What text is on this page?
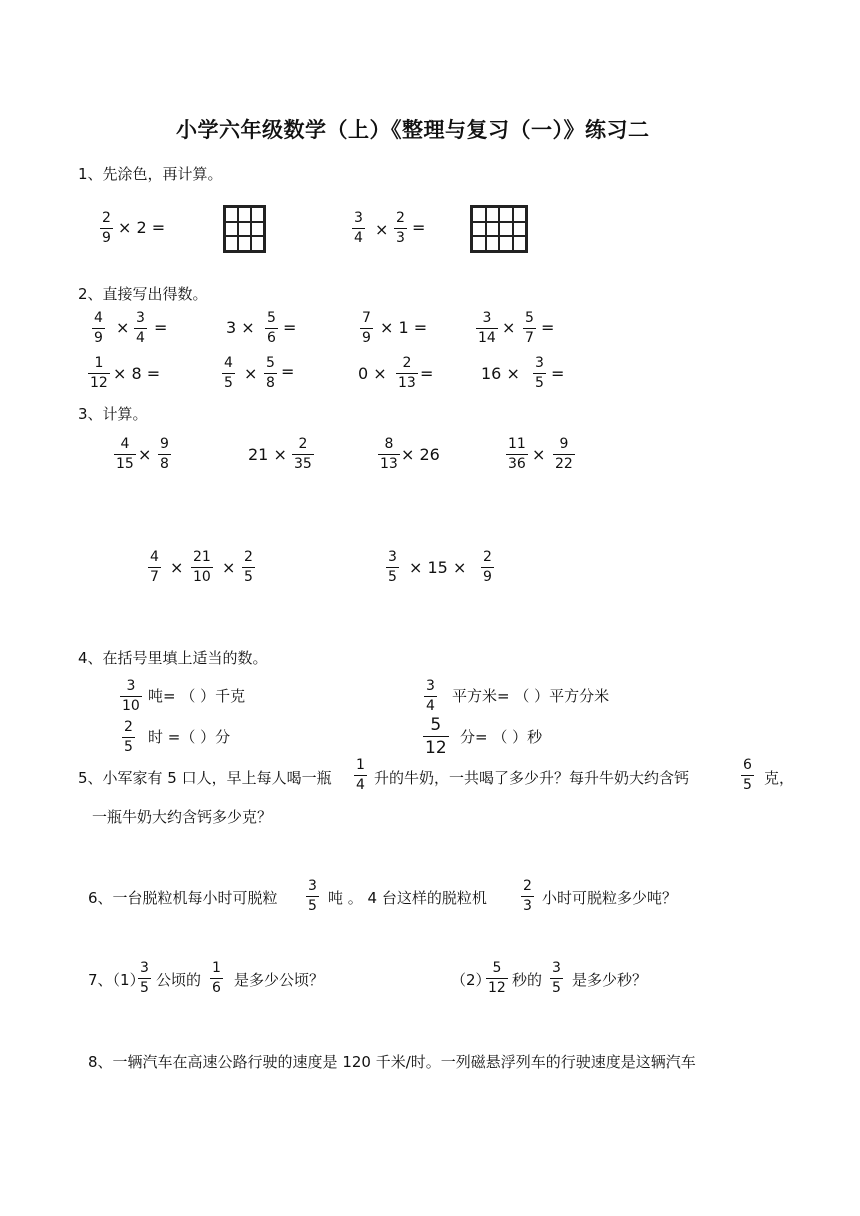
小学六年级数学（上）《整理与复习（一）》练习二
1、先涂色，再计算。
$\frac{2}{9} \times 2$ =	$\frac{3}{4} \times \frac{2}{3}$ =
2、直接写出得数。
$\frac{4}{9} \times \frac{3}{4}$ =	$3 \times \frac{5}{6}$ =	$\frac{7}{9} \times 1$ =	$\frac{3}{14} \times \frac{5}{7}$ =
$\frac{1}{12} \times 8$ =	$\frac{4}{5} \times \frac{5}{8}$ =	$0 \times \frac{2}{13}$ =	$16 \times \frac{3}{5}$ =
3、计算。
$\frac{4}{15} \times \frac{9}{8}$	$21 \times \frac{2}{35}$	$\frac{8}{13} \times 26$	$\frac{11}{36} \times \frac{9}{22}$
$\frac{4}{7} \times \frac{21}{10} \times \frac{2}{5}$	$\frac{3}{5} \times 15 \times \frac{2}{9}$
4、在括号里填上适当的数。
$\frac{3}{10}$ 吨= （ ）千克	$\frac{3}{4}$ 平方米= （ ）平方分米
$\frac{2}{5}$ 时 =（ ）分	$\frac{5}{12}$ 分= （ ）秒
5、小军家有 5 口人，早上每人喝一瓶 $\frac{1}{4}$ 升的牛奶，一共喝了多少升？每升牛奶大约含钙	$\frac{6}{5}$ 克，
一瓶牛奶大约含钙多少克？
6、一台脱粒机每小时可脱粒 $\frac{3}{5}$ 吨 。 4 台这样的脱粒机 $\frac{2}{3}$ 小时可脱粒多少吨？
7、（1）
$\frac{3}{5}$ 公顷的 $\frac{1}{6}$ 是多少公顷？	（2）
$\frac{5}{12}$ 秒的 $\frac{3}{5}$ 是多少秒？
8、一辆汽车在高速公路行驶的速度是 120 千米/时。一列磁悬浮列车的行驶速度是这辆汽车
